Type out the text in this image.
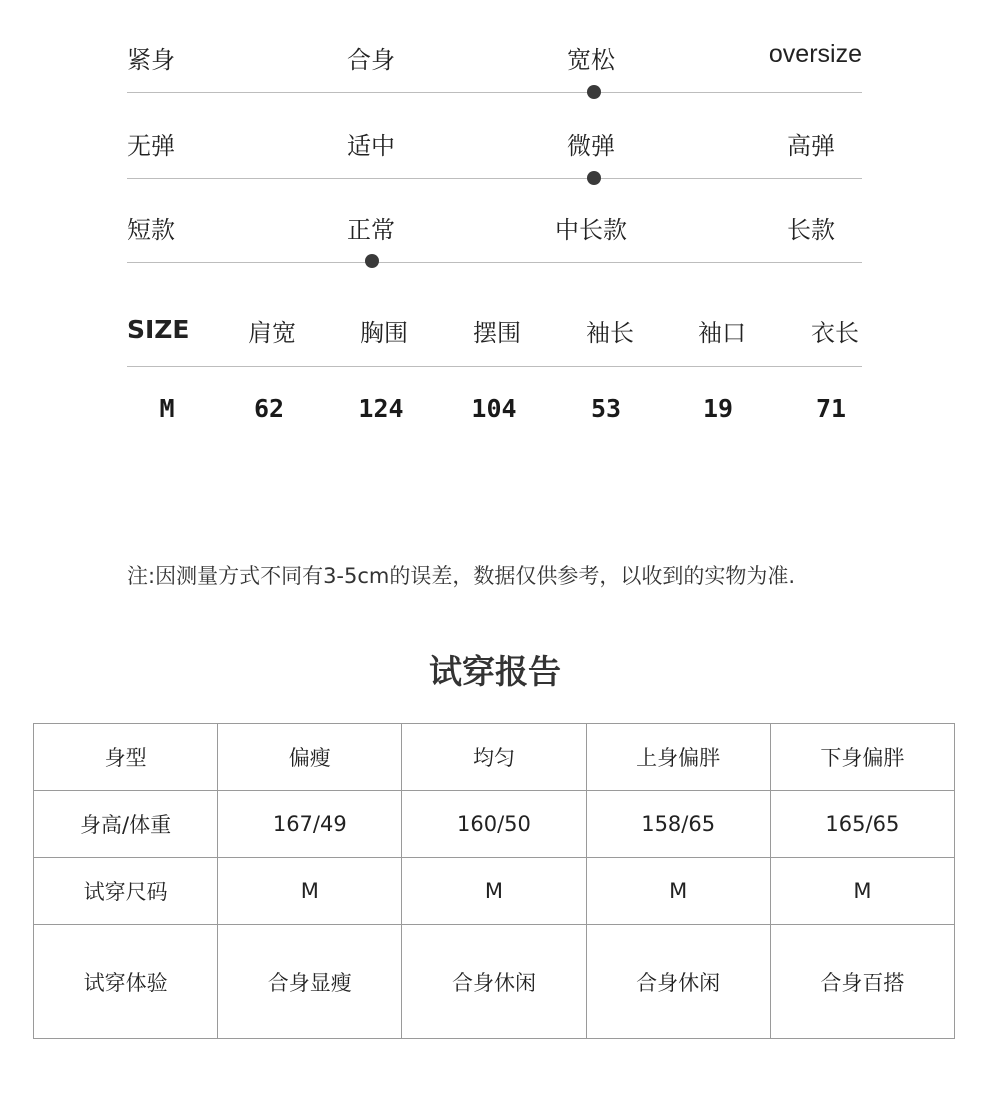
紧身	合身	宽松	oversize
无弹	适中	微弹	高弹
短款	正常	中长款	长款
SIZE 肩宽	胸围	摆围	袖长	袖口	衣长
M	62	124	104	53	19	71
注:因测量方式不同有3-5cm的误差，数据仅供参考，以收到的实物为准.
试穿报告
身型	偏瘦	均匀	上身偏胖	下身偏胖
身高/体重	167/49	160/50	158/65	165/65
试穿尺码	M	M	M	M
试穿体验	合身显瘦	合身休闲	合身休闲	合身百搭
